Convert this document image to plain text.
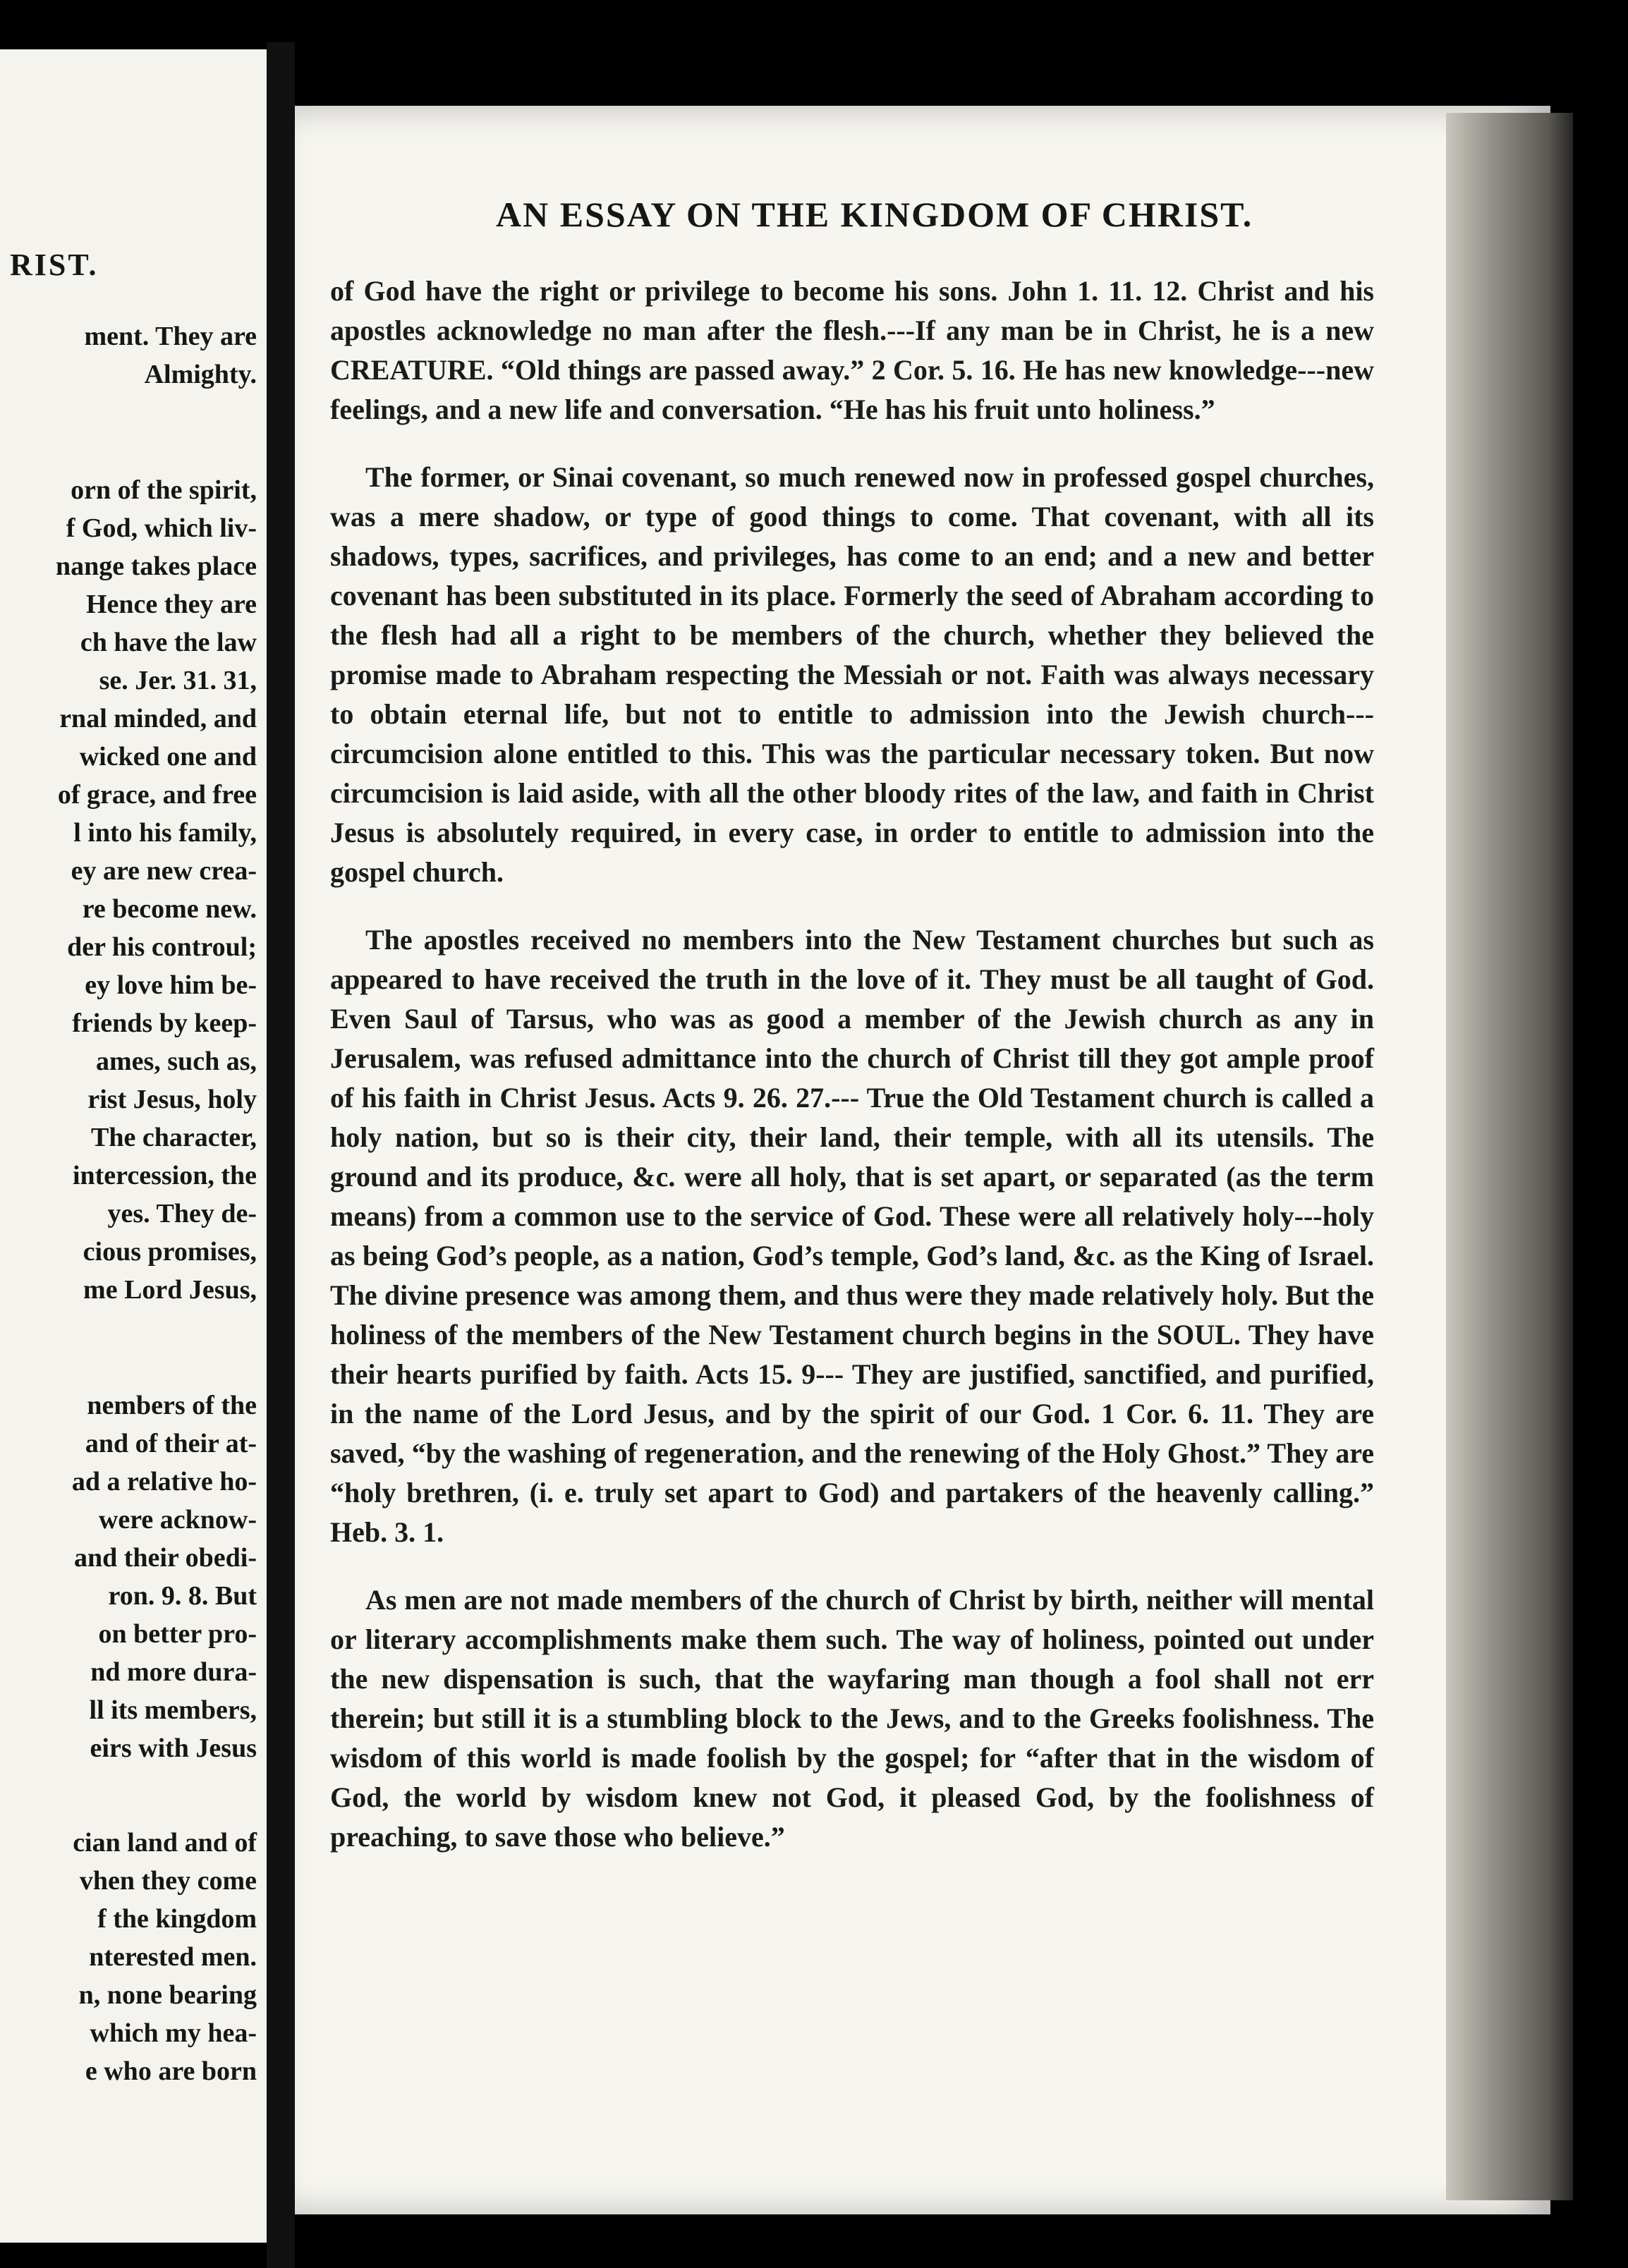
RIST.
ment. They are
Almighty.
orn of the spirit,
f God, which liv-
nange takes place
Hence they are
ch have the law
se. Jer. 31. 31,
rnal minded, and
wicked one and
of grace, and free
l into his family,
ey are new crea-
re become new.
der his controul;
ey love him be-
friends by keep-
ames, such as,
rist Jesus, holy
The character,
intercession, the
yes. They de-
cious promises,
me Lord Jesus,
nembers of the
and of their at-
ad a relative ho-
were acknow-
and their obedi-
ron. 9. 8. But
on better pro-
nd more dura-
ll its members,
eirs with Jesus
cian land and of
vhen they come
f the kingdom
nterested men.
n, none bearing
which my hea-
e who are born
AN ESSAY ON THE KINGDOM OF CHRIST.

of God have the right or privilege to become his sons. John 1. 11. 12. Christ and his apostles acknowledge no man after the flesh.---If any man be in Christ, he is a new CREATURE. “Old things are passed away.” 2 Cor. 5. 16. He has new knowledge---new feelings, and a new life and conversation. “He has his fruit unto holiness.”

The former, or Sinai covenant, so much renewed now in professed gospel churches, was a mere shadow, or type of good things to come. That covenant, with all its shadows, types, sacrifices, and privileges, has come to an end; and a new and better covenant has been substituted in its place. Formerly the seed of Abraham according to the flesh had all a right to be members of the church, whether they believed the promise made to Abraham respecting the Messiah or not. Faith was always necessary to obtain eternal life, but not to entitle to admission into the Jewish church---circumcision alone entitled to this. This was the particular necessary token. But now circumcision is laid aside, with all the other bloody rites of the law, and faith in Christ Jesus is absolutely required, in every case, in order to entitle to admission into the gospel church.

The apostles received no members into the New Testament churches but such as appeared to have received the truth in the love of it. They must be all taught of God. Even Saul of Tarsus, who was as good a member of the Jewish church as any in Jerusalem, was refused admittance into the church of Christ till they got ample proof of his faith in Christ Jesus. Acts 9. 26. 27.--- True the Old Testament church is called a holy nation, but so is their city, their land, their temple, with all its utensils. The ground and its produce, &c. were all holy, that is set apart, or separated (as the term means) from a common use to the service of God. These were all relatively holy---holy as being God’s people, as a nation, God’s temple, God’s land, &c. as the King of Israel. The divine presence was among them, and thus were they made relatively holy. But the holiness of the members of the New Testament church begins in the SOUL. They have their hearts purified by faith. Acts 15. 9--- They are justified, sanctified, and purified, in the name of the Lord Jesus, and by the spirit of our God. 1 Cor. 6. 11. They are saved, “by the washing of regeneration, and the renewing of the Holy Ghost.” They are “holy brethren, (i. e. truly set apart to God) and partakers of the heavenly calling.” Heb. 3. 1.

As men are not made members of the church of Christ by birth, neither will mental or literary accomplishments make them such. The way of holiness, pointed out under the new dispensation is such, that the wayfaring man though a fool shall not err therein; but still it is a stumbling block to the Jews, and to the Greeks foolishness. The wisdom of this world is made foolish by the gospel; for “after that in the wisdom of God, the world by wisdom knew not God, it pleased God, by the foolishness of preaching, to save those who believe.”
